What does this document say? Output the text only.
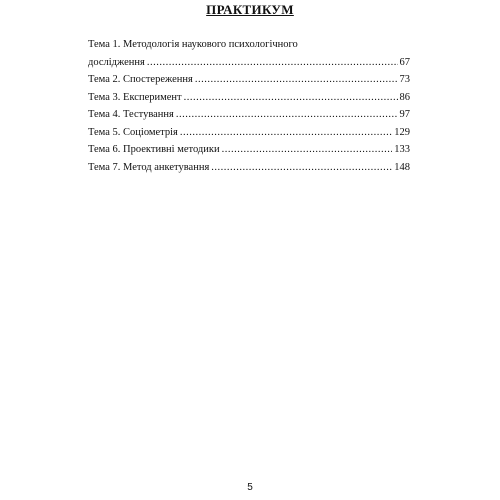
ПРАКТИКУМ
Тема 1. Методологія наукового психологічного
дослідження .....	67
Тема 2. Спостереження .....	73
Тема 3. Експеримент .....	86
Тема 4. Тестування .....	97
Тема 5. Соціометрія .....	129
Тема 6. Проективні методики .....	133
Тема 7. Метод анкетування .....	148
5
